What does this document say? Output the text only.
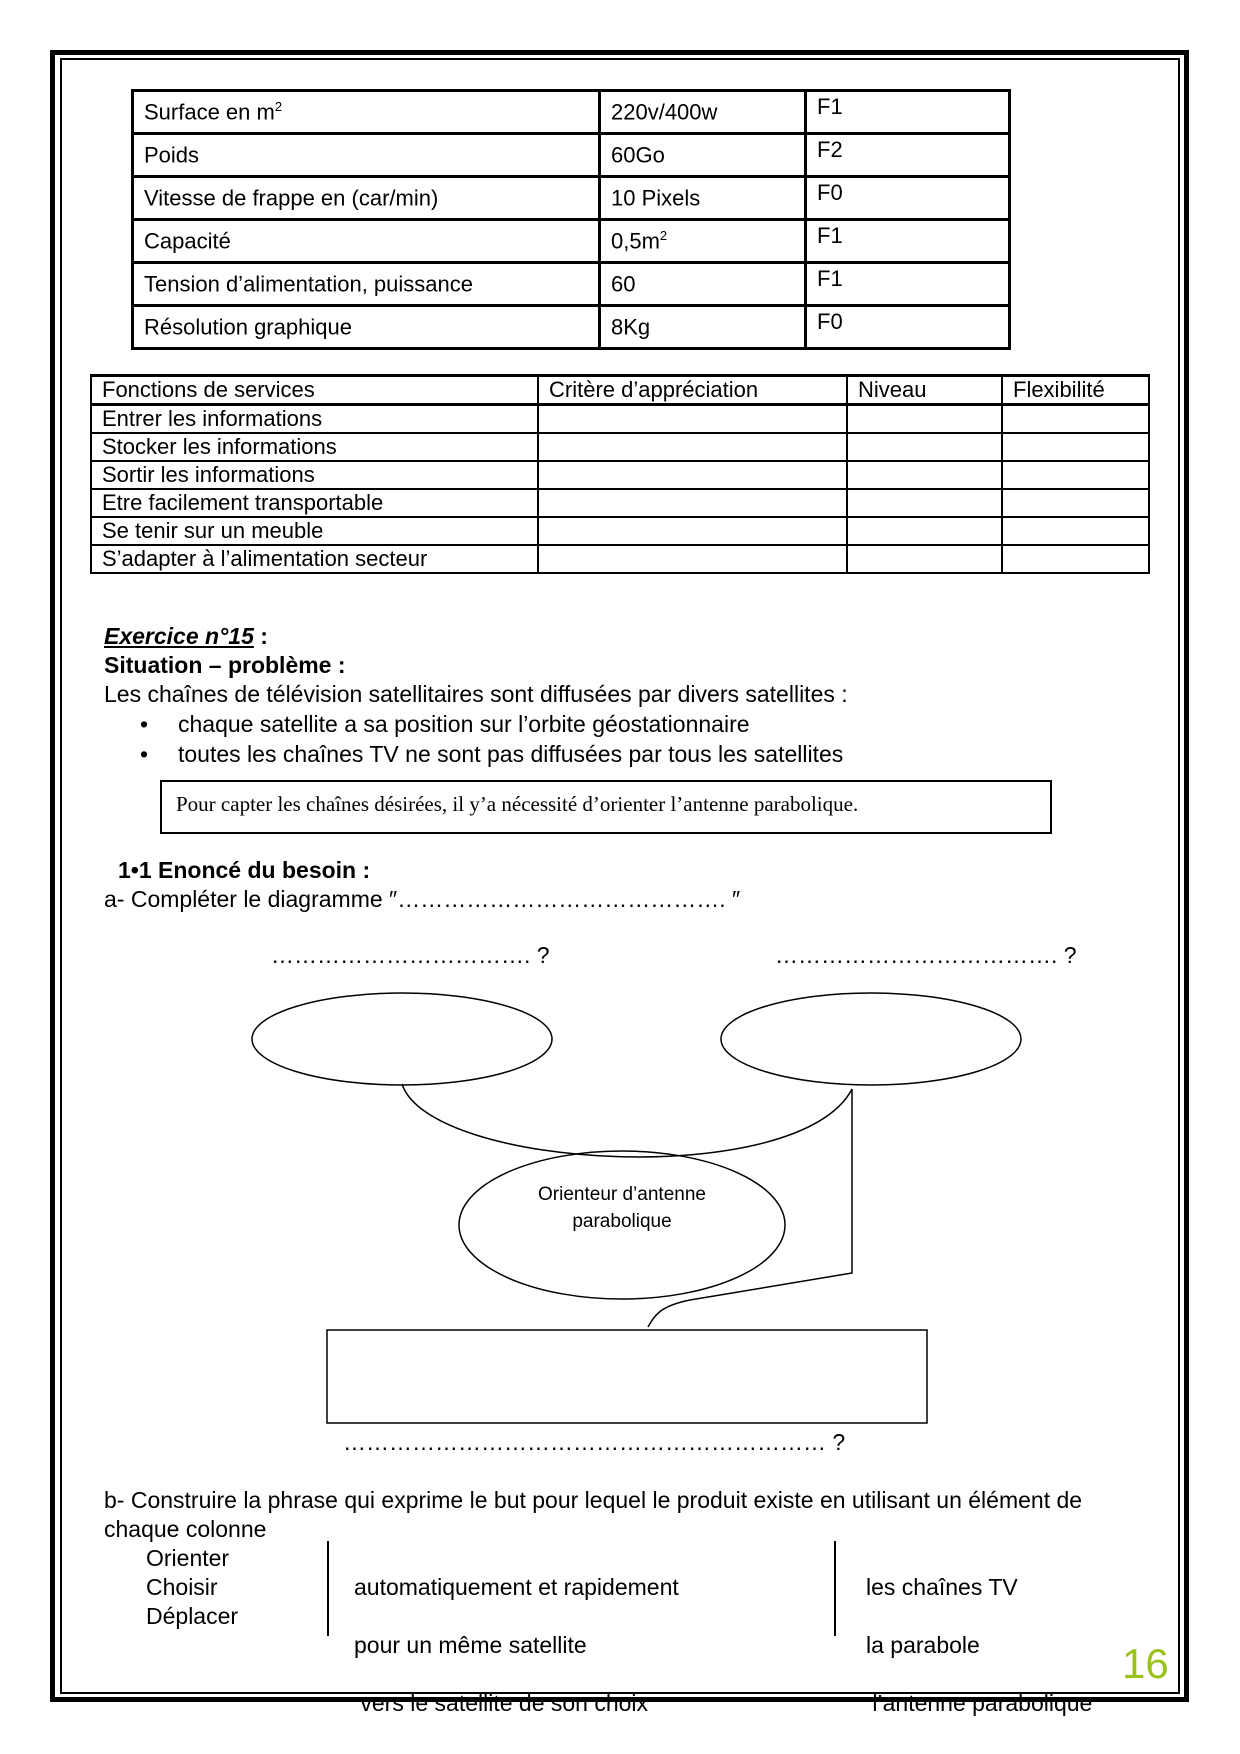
Surface en $m^2$	220v/400w	F1
Poids	60Go	F2
Vitesse de frappe en (car/min)	10 Pixels	F0
Capacité	$0,5m^2$	F1
Tension d’alimentation, puissance	60	F1
Résolution graphique	8Kg	F0
Fonctions de services	Critère d’appréciation	Niveau	Flexibilité
Entrer les informations			
Stocker les informations			
Sortir les informations			
Etre facilement transportable			
Se tenir sur un meuble			
S’adapter à l’alimentation secteur			
Exercice n°15 :
Situation – problème :
Les chaînes de télévision satellitaires sont diffusées par divers satellites :
• chaque satellite a sa position sur l’orbite géostationnaire
• toutes les chaînes TV ne sont pas diffusées par tous les satellites
Pour capter les chaînes désirées, il y’a nécessité d’orienter l’antenne parabolique.
1•1 Enoncé du besoin :
a- Compléter le diagramme ″……………………………………. ″
……………………………. ?	………………………………. ?
Orienteur d’antenne
parabolique
……………………………………………………… ?
b- Construire la phrase qui exprime le but pour lequel le produit existe en utilisant un élément de
chaque colonne
Orienter
Choisir
Déplacer

automatiquement et rapidement

pour un même satellite

vers le satellite de son choix

les chaînes TV

la parabole

l’antenne parabolique

16
